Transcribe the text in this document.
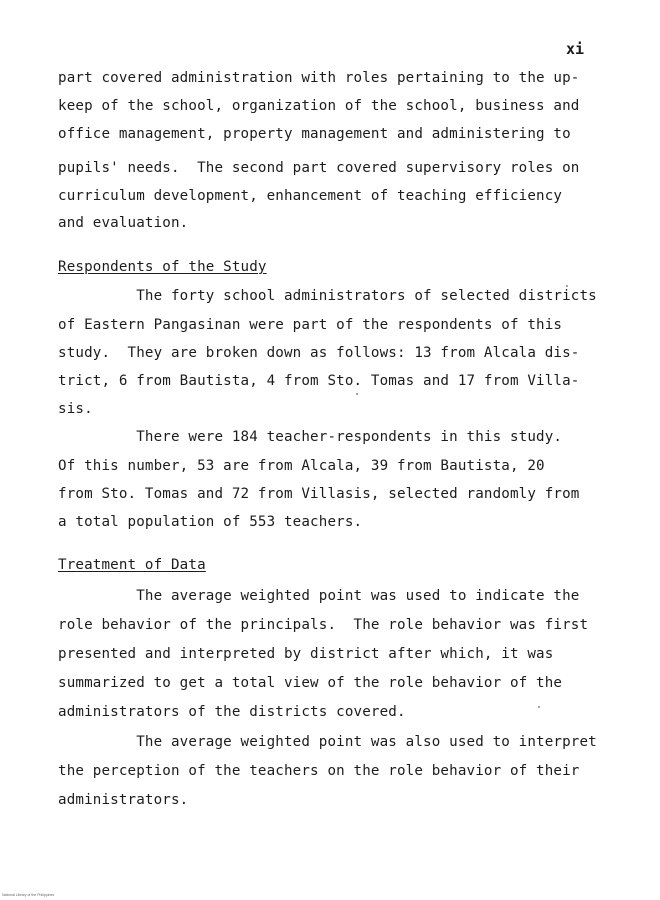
xi
part covered administration with roles pertaining to the up-
keep of the school, organization of the school, business and
office management, property management and administering to
pupils' needs.  The second part covered supervisory roles on
curriculum development, enhancement of teaching efficiency
and evaluation.
Respondents of the Study
The forty school administrators of selected districts
of Eastern Pangasinan were part of the respondents of this
study.  They are broken down as follows: 13 from Alcala dis-
trict, 6 from Bautista, 4 from Sto. Tomas and 17 from Villa-
sis.
There were 184 teacher-respondents in this study.
Of this number, 53 are from Alcala, 39 from Bautista, 20
from Sto. Tomas and 72 from Villasis, selected randomly from
a total population of 553 teachers.
Treatment of Data
The average weighted point was used to indicate the
role behavior of the principals.  The role behavior was first
presented and interpreted by district after which, it was
summarized to get a total view of the role behavior of the
administrators of the districts covered.
The average weighted point was also used to interpret
the perception of the teachers on the role behavior of their
administrators.
National Library of the Philippines
